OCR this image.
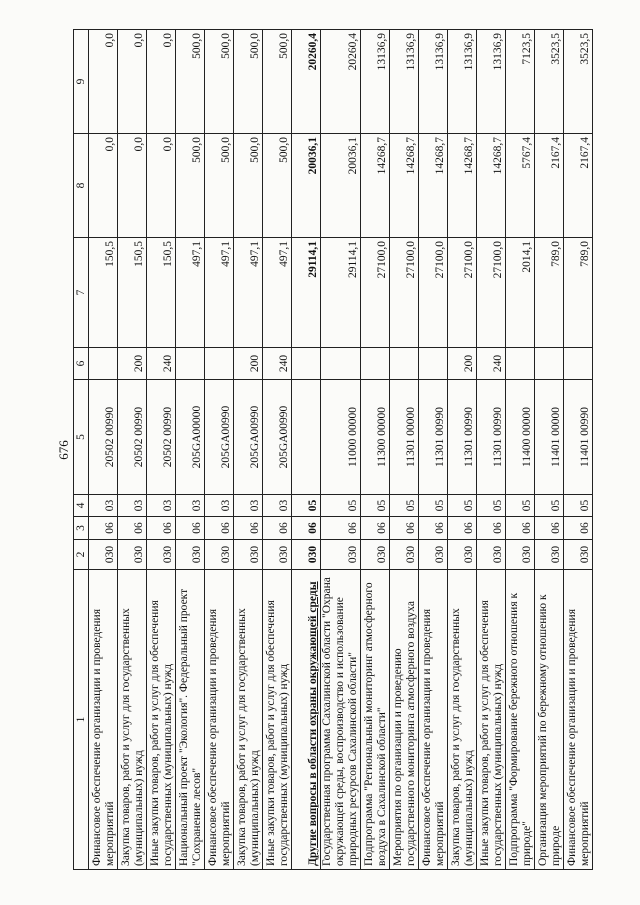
676
1	2	3	4	5	6	7	8	9
Финансовое обеспечение организации и проведения мероприятий	030	06	03	20502 00990		150,5	0,0	0,0
Закупка товаров, работ и услуг для государственных (муниципальных) нужд	030	06	03	20502 00990	200	150,5	0,0	0,0
Иные закупки товаров, работ и услуг для обеспечения государственных (муниципальных) нужд	030	06	03	20502 00990	240	150,5	0,0	0,0
Национальный проект "Экология". Федеральный проект "Сохранение лесов"	030	06	03	205GA00000		497,1	500,0	500,0
Финансовое обеспечение организации и проведения мероприятий	030	06	03	205GA00990		497,1	500,0	500,0
Закупка товаров, работ и услуг для государственных (муниципальных) нужд	030	06	03	205GA00990	200	497,1	500,0	500,0
Иные закупки товаров, работ и услуг для обеспечения государственных (муниципальных) нужд	030	06	03	205GA00990	240	497,1	500,0	500,0
Другие вопросы в области охраны окружающей среды	030	06	05			29114,1	20036,1	20260,4
Государственная программа Сахалинской области "Охрана окружающей среды, воспроизводство и использование природных ресурсов Сахалинской области"	030	06	05	11000 00000		29114,1	20036,1	20260,4
Подпрограмма "Региональный мониторинг атмосферного воздуха в Сахалинской области"	030	06	05	11300 00000		27100,0	14268,7	13136,9
Мероприятия по организации и проведению государственного мониторинга атмосферного воздуха	030	06	05	11301 00000		27100,0	14268,7	13136,9
Финансовое обеспечение организации и проведения мероприятий	030	06	05	11301 00990		27100,0	14268,7	13136,9
Закупка товаров, работ и услуг для государственных (муниципальных) нужд	030	06	05	11301 00990	200	27100,0	14268,7	13136,9
Иные закупки товаров, работ и услуг для обеспечения государственных (муниципальных) нужд	030	06	05	11301 00990	240	27100,0	14268,7	13136,9
Подпрограмма "Формирование бережного отношения к природе"	030	06	05	11400 00000		2014,1	5767,4	7123,5
Организация мероприятий по бережному отношению к природе	030	06	05	11401 00000		789,0	2167,4	3523,5
Финансовое обеспечение организации и проведения мероприятий	030	06	05	11401 00990		789,0	2167,4	3523,5
